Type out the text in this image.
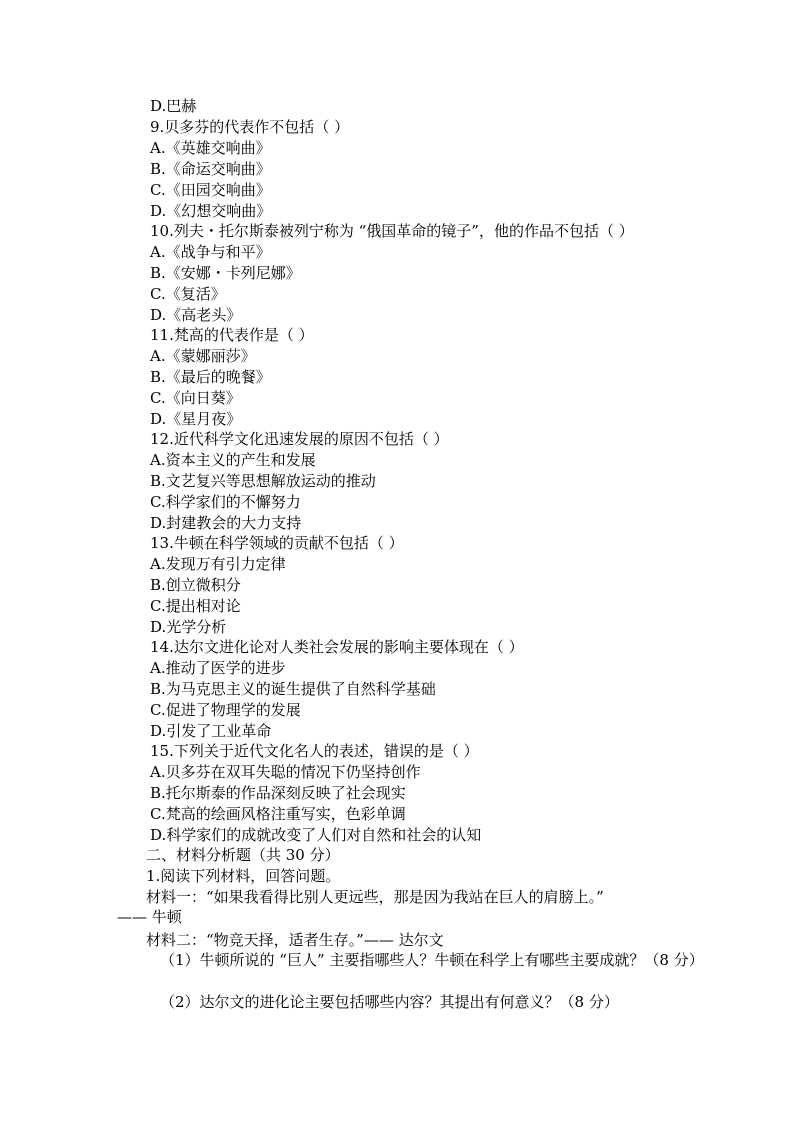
D.巴赫
9.贝多芬的代表作不包括（ ）
A.《英雄交响曲》
B.《命运交响曲》
C.《田园交响曲》
D.《幻想交响曲》
10.列夫・托尔斯泰被列宁称为 “俄国革命的镜子”，他的作品不包括（ ）
A.《战争与和平》
B.《安娜・卡列尼娜》
C.《复活》
D.《高老头》
11.梵高的代表作是（ ）
A.《蒙娜丽莎》
B.《最后的晚餐》
C.《向日葵》
D.《星月夜》
12.近代科学文化迅速发展的原因不包括（ ）
A.资本主义的产生和发展
B.文艺复兴等思想解放运动的推动
C.科学家们的不懈努力
D.封建教会的大力支持
13.牛顿在科学领域的贡献不包括（ ）
A.发现万有引力定律
B.创立微积分
C.提出相对论
D.光学分析
14.达尔文进化论对人类社会发展的影响主要体现在（ ）
A.推动了医学的进步
B.为马克思主义的诞生提供了自然科学基础
C.促进了物理学的发展
D.引发了工业革命
15.下列关于近代文化名人的表述，错误的是（ ）
A.贝多芬在双耳失聪的情况下仍坚持创作
B.托尔斯泰的作品深刻反映了社会现实
C.梵高的绘画风格注重写实，色彩单调
D.科学家们的成就改变了人们对自然和社会的认知
二、材料分析题（共 30 分）
1.阅读下列材料，回答问题。
材料一：“如果我看得比别人更远些，那是因为我站在巨人的肩膀上。”
—— 牛顿
材料二：“物竞天择，适者生存。”—— 达尔文
（1）牛顿所说的 “巨人” 主要指哪些人？牛顿在科学上有哪些主要成就？（8 分）
（2）达尔文的进化论主要包括哪些内容？其提出有何意义？（8 分）
